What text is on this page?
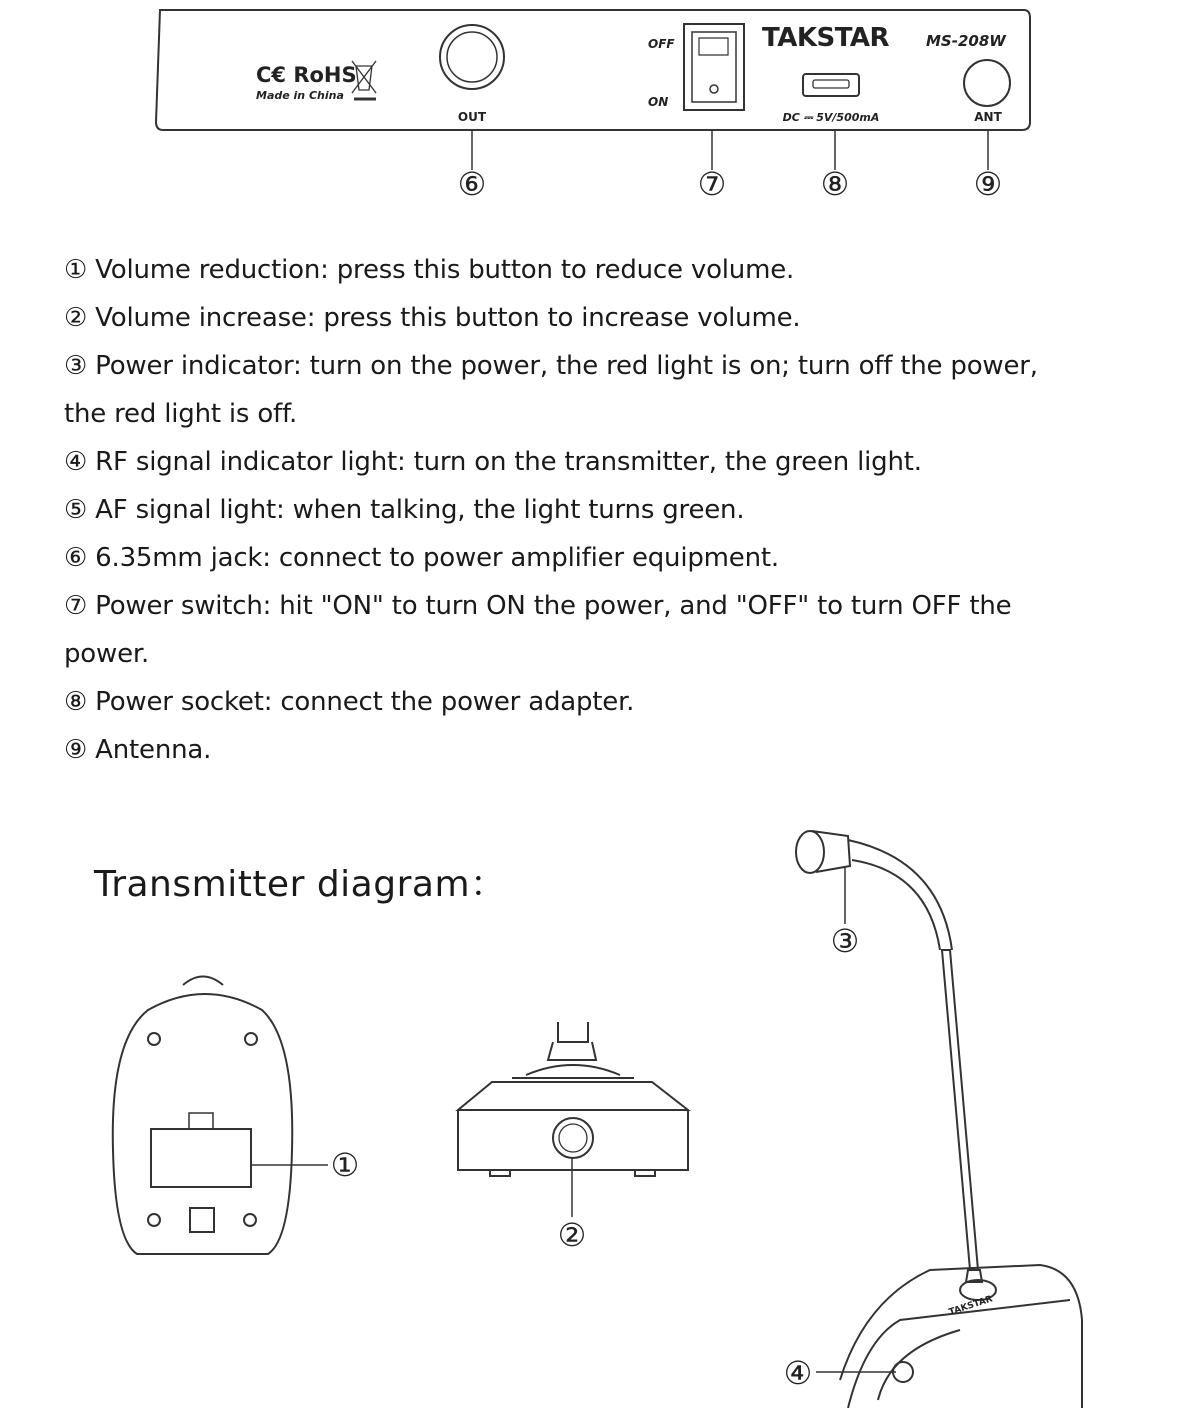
TAKSTAR MS-208W
C€ RoHS
Made in China
OUT
OFF
ON
DC ⎓ 5V/500mA	ANT
⑥	⑦	⑧	⑨
① Volume reduction: press this button to reduce volume.
② Volume increase: press this button to increase volume.
③ Power indicator: turn on the power, the red light is on; turn off the power,
the red light is off.
④ RF signal indicator light: turn on the transmitter, the green light.
⑤ AF signal light: when talking, the light turns green.
⑥ 6.35mm jack: connect to power amplifier equipment.
⑦ Power switch: hit "ON" to turn ON the power, and "OFF" to turn OFF the
power.
⑧ Power socket: connect the power adapter.
⑨ Antenna.
Transmitter diagram：
TAKSTAR
①
②
③
④
